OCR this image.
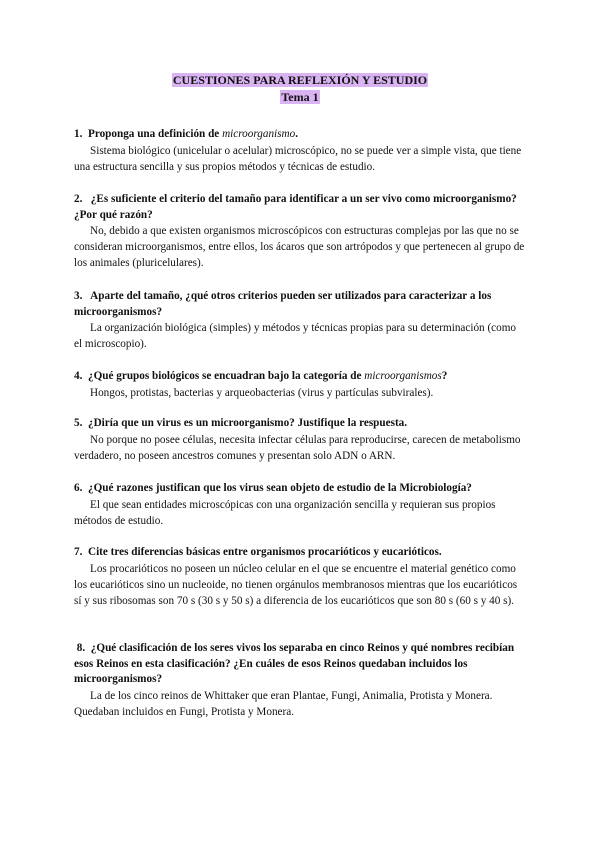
CUESTIONES PARA REFLEXIÓN Y ESTUDIO
Tema 1

1. Proponga una definición de microorganismo.

Sistema biológico (unicelular o acelular) microscópico, no se puede ver a simple vista, que tiene una estructura sencilla y sus propios métodos y técnicas de estudio.

2. ¿Es suficiente el criterio del tamaño para identificar a un ser vivo como microorganismo? ¿Por qué razón?

No, debido a que existen organismos microscópicos con estructuras complejas por las que no se consideran microorganismos, entre ellos, los ácaros que son artrópodos y que pertenecen al grupo de los animales (pluricelulares).

3. Aparte del tamaño, ¿qué otros criterios pueden ser utilizados para caracterizar a los microorganismos?

La organización biológica (simples) y métodos y técnicas propias para su determinación (como el microscopio).

4. ¿Qué grupos biológicos se encuadran bajo la categoría de microorganismos?

Hongos, protistas, bacterias y arqueobacterias (virus y partículas subvirales).

5. ¿Diría que un virus es un microorganismo? Justifique la respuesta.

No porque no posee células, necesita infectar células para reproducirse, carecen de metabolismo verdadero, no poseen ancestros comunes y presentan solo ADN o ARN.

6. ¿Qué razones justifican que los virus sean objeto de estudio de la Microbiología?

El que sean entidades microscópicas con una organización sencilla y requieran sus propios métodos de estudio.

7. Cite tres diferencias básicas entre organismos procarióticos y eucarióticos.

Los procarióticos no poseen un núcleo celular en el que se encuentre el material genético como los eucarióticos sino un nucleoide, no tienen orgánulos membranosos mientras que los eucarióticos sí y sus ribosomas son 70 s (30 s y 50 s) a diferencia de los eucarióticos que son 80 s (60 s y 40 s).

8. ¿Qué clasificación de los seres vivos los separaba en cinco Reinos y qué nombres recibían esos Reinos en esta clasificación? ¿En cuáles de esos Reinos quedaban incluidos los microorganismos?

La de los cinco reinos de Whittaker que eran Plantae, Fungi, Animalia, Protista y Monera. Quedaban incluidos en Fungi, Protista y Monera.
